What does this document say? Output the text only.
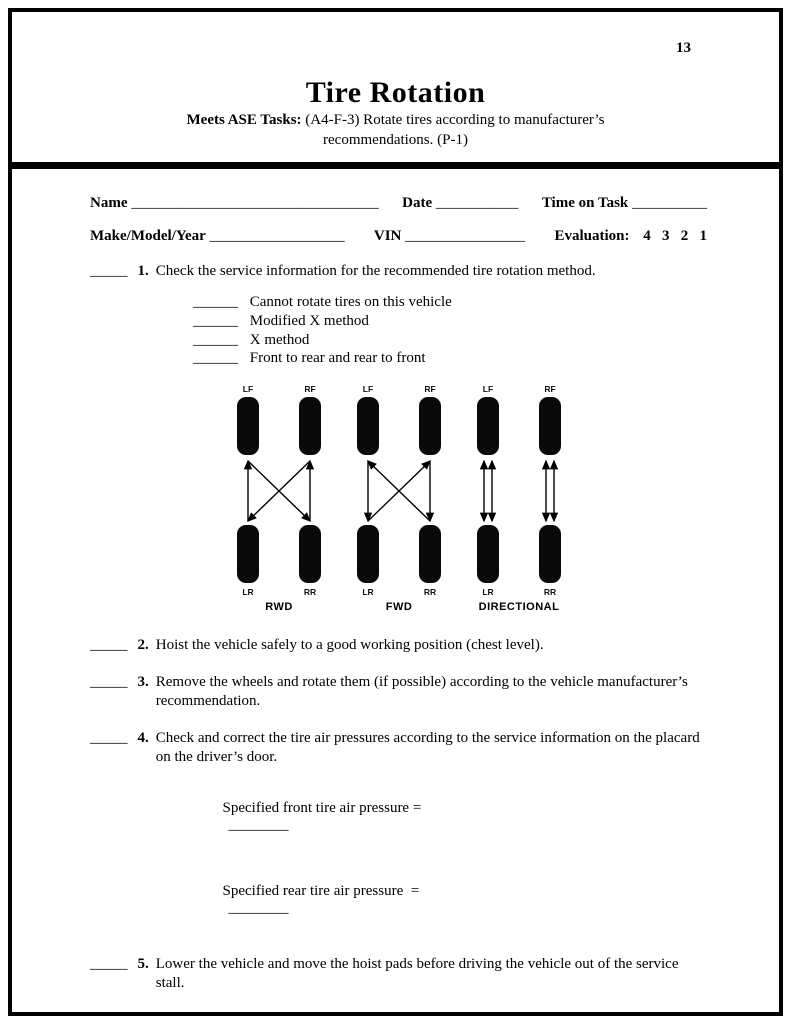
13
Tire Rotation
Meets ASE Tasks: (A4-F-3) Rotate tires according to manufacturer’s
recommendations. (P-1)
Name _________________________________ Date ___________ Time on Task __________
Make/Model/Year __________________ VIN ________________ Evaluation: 4   3   2   1
_____ 1. Check the service information for the recommended tire rotation method.
______ Cannot rotate tires on this vehicle
______ Modified X method
______ X method
______ Front to rear and rear to front
LF	RF
LR	RR
RWD
LF	RF
LR	RR
FWD
LF	RF
LR	RR
DIRECTIONAL
_____ 2. Hoist the vehicle safely to a good working position (chest level).
_____ 3. Remove the wheels and rotate them (if possible) according to the vehicle manufacturer’s recommendation.
_____ 4. Check and correct the tire air pressures according to the service information on the placard on the driver’s door.

Specified front tire air pressure =
________

Specified rear tire air pressure  =
________

_____ 5. Lower the vehicle and move the hoist pads before driving the vehicle out of the service stall.
